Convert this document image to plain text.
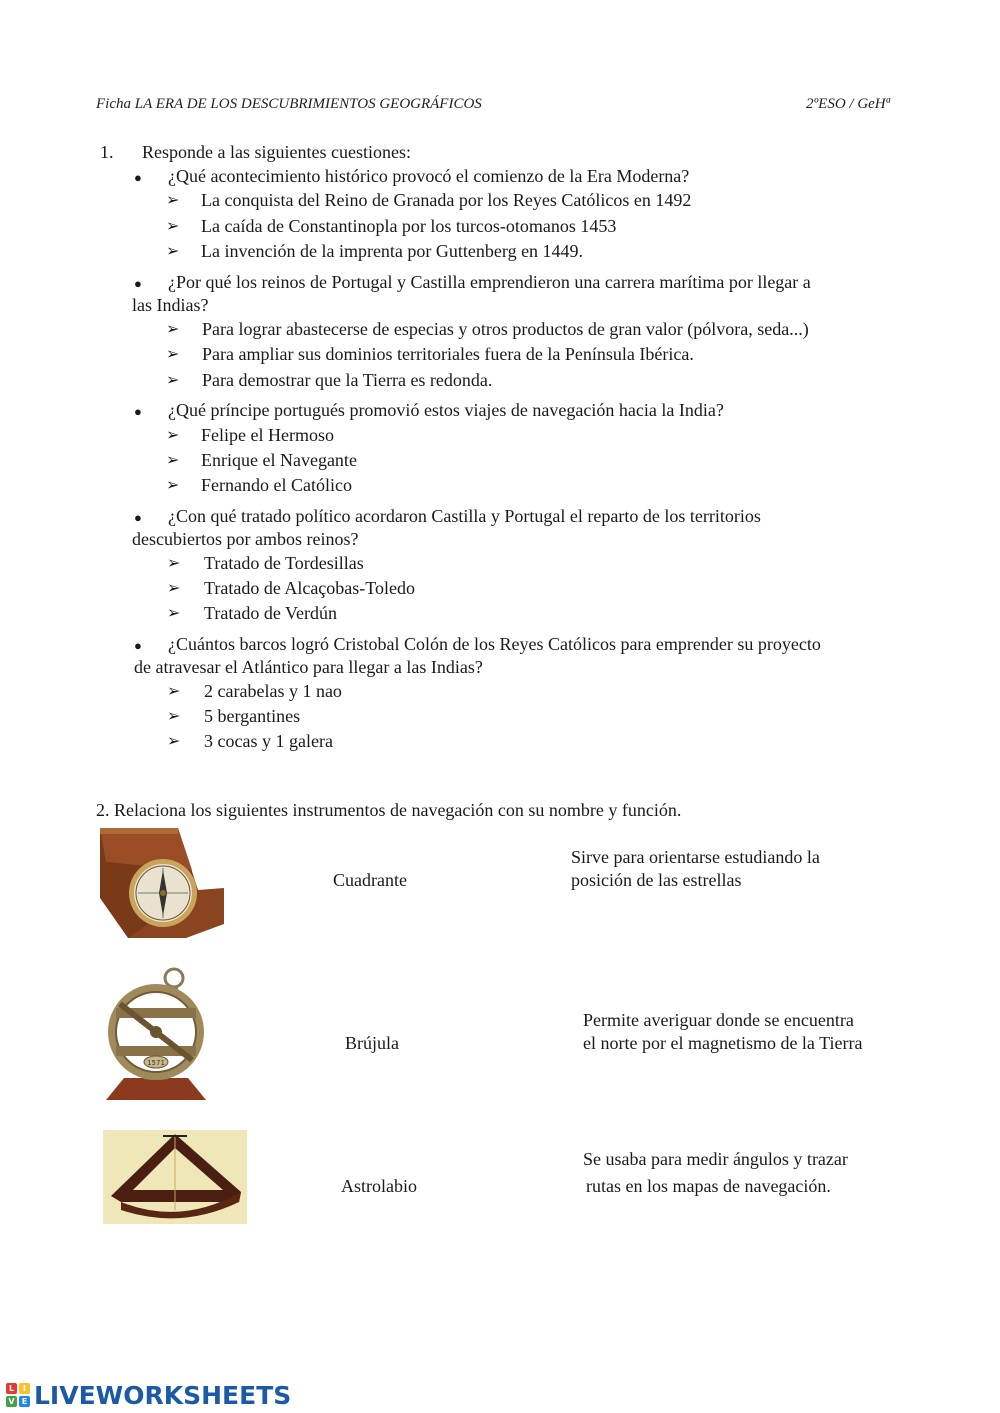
Ficha LA ERA DE LOS DESCUBRIMIENTOS GEOGRÁFICOS	2ºESO / GeHª
1. Responde a las siguientes cuestiones:
● ¿Qué acontecimiento histórico provocó el comienzo de la Era Moderna?
➢ La conquista del Reino de Granada por los Reyes Católicos en 1492
➢ La caída de Constantinopla por los turcos-otomanos 1453
➢ La invención de la imprenta por Guttenberg en 1449.
● ¿Por qué los reinos de Portugal y Castilla emprendieron una carrera marítima por llegar a
las Indias?
➢ Para lograr abastecerse de especias y otros productos de gran valor (pólvora, seda...)
➢ Para ampliar sus dominios territoriales fuera de la Península Ibérica.
➢ Para demostrar que la Tierra es redonda.
● ¿Qué príncipe portugués promovió estos viajes de navegación hacia la India?
➢ Felipe el Hermoso
➢ Enrique el Navegante
➢ Fernando el Católico
● ¿Con qué tratado político acordaron Castilla y Portugal el reparto de los territorios
descubiertos por ambos reinos?
➢ Tratado de Tordesillas
➢ Tratado de Alcaçobas-Toledo
➢ Tratado de Verdún
● ¿Cuántos barcos logró Cristobal Colón de los Reyes Católicos para emprender su proyecto
de atravesar el Atlántico para llegar a las Indias?
➢ 2 carabelas y 1 nao
➢ 5 bergantines
➢ 3 cocas y 1 galera
2. Relaciona los siguientes instrumentos de navegación con su nombre y función.
Cuadrante
Sirve para orientarse estudiando la
posición de las estrellas
1571
Brújula
Permite averiguar donde se encuentra
el norte por el magnetismo de la Tierra
Astrolabio
Se usaba para medir ángulos y trazar
rutas en los mapas de navegación.
L	I
V E LIVEWORKSHEETS
